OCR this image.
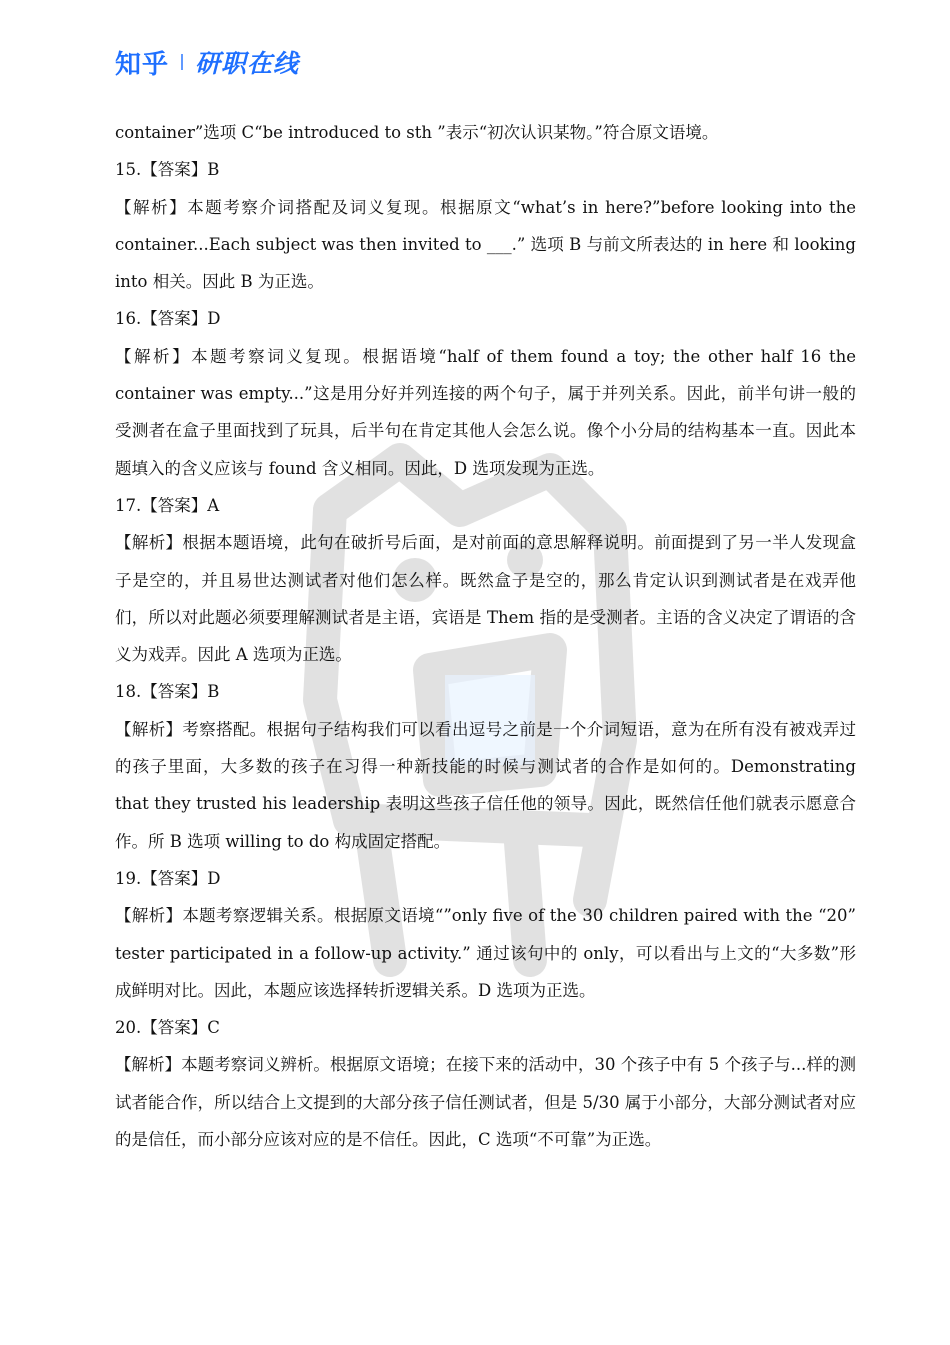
知乎 研职在线

container”选项 C“be introduced to sth ”表示“初次认识某物。”符合原文语境。

15.【答案】B

【解析】本题考察介词搭配及词义复现。根据原文“what’s in here?”before looking into the container...Each subject was then invited to ___.” 选项 B 与前文所表达的 in here 和 looking into 相关。因此 B 为正选。

16.【答案】D

【解析】本题考察词义复现。根据语境“half of them found a toy; the other half 16 the container was empty...”这是用分好并列连接的两个句子，属于并列关系。因此，前半句讲一般的受测者在盒子里面找到了玩具，后半句在肯定其他人会怎么说。像个小分局的结构基本一直。因此本题填入的含义应该与 found 含义相同。因此，D 选项发现为正选。

17.【答案】A

【解析】根据本题语境，此句在破折号后面，是对前面的意思解释说明。前面提到了另一半人发现盒子是空的，并且易世达测试者对他们怎么样。既然盒子是空的，那么肯定认识到测试者是在戏弄他们，所以对此题必须要理解测试者是主语，宾语是 Them 指的是受测者。主语的含义决定了谓语的含义为戏弄。因此 A 选项为正选。

18.【答案】B

【解析】考察搭配。根据句子结构我们可以看出逗号之前是一个介词短语，意为在所有没有被戏弄过的孩子里面，大多数的孩子在习得一种新技能的时候与测试者的合作是如何的。Demonstrating that they trusted his leadership 表明这些孩子信任他的领导。因此，既然信任他们就表示愿意合作。所 B 选项 willing to do 构成固定搭配。

19.【答案】D

【解析】本题考察逻辑关系。根据原文语境“”only five of the 30 children paired with the “20” tester participated in a follow-up activity.” 通过该句中的 only，可以看出与上文的“大多数”形成鲜明对比。因此，本题应该选择转折逻辑关系。D 选项为正选。

20.【答案】C

【解析】本题考察词义辨析。根据原文语境；在接下来的活动中，30 个孩子中有 5 个孩子与...样的测试者能合作，所以结合上文提到的大部分孩子信任测试者，但是 5/30 属于小部分，大部分测试者对应的是信任，而小部分应该对应的是不信任。因此，C 选项“不可靠”为正选。
